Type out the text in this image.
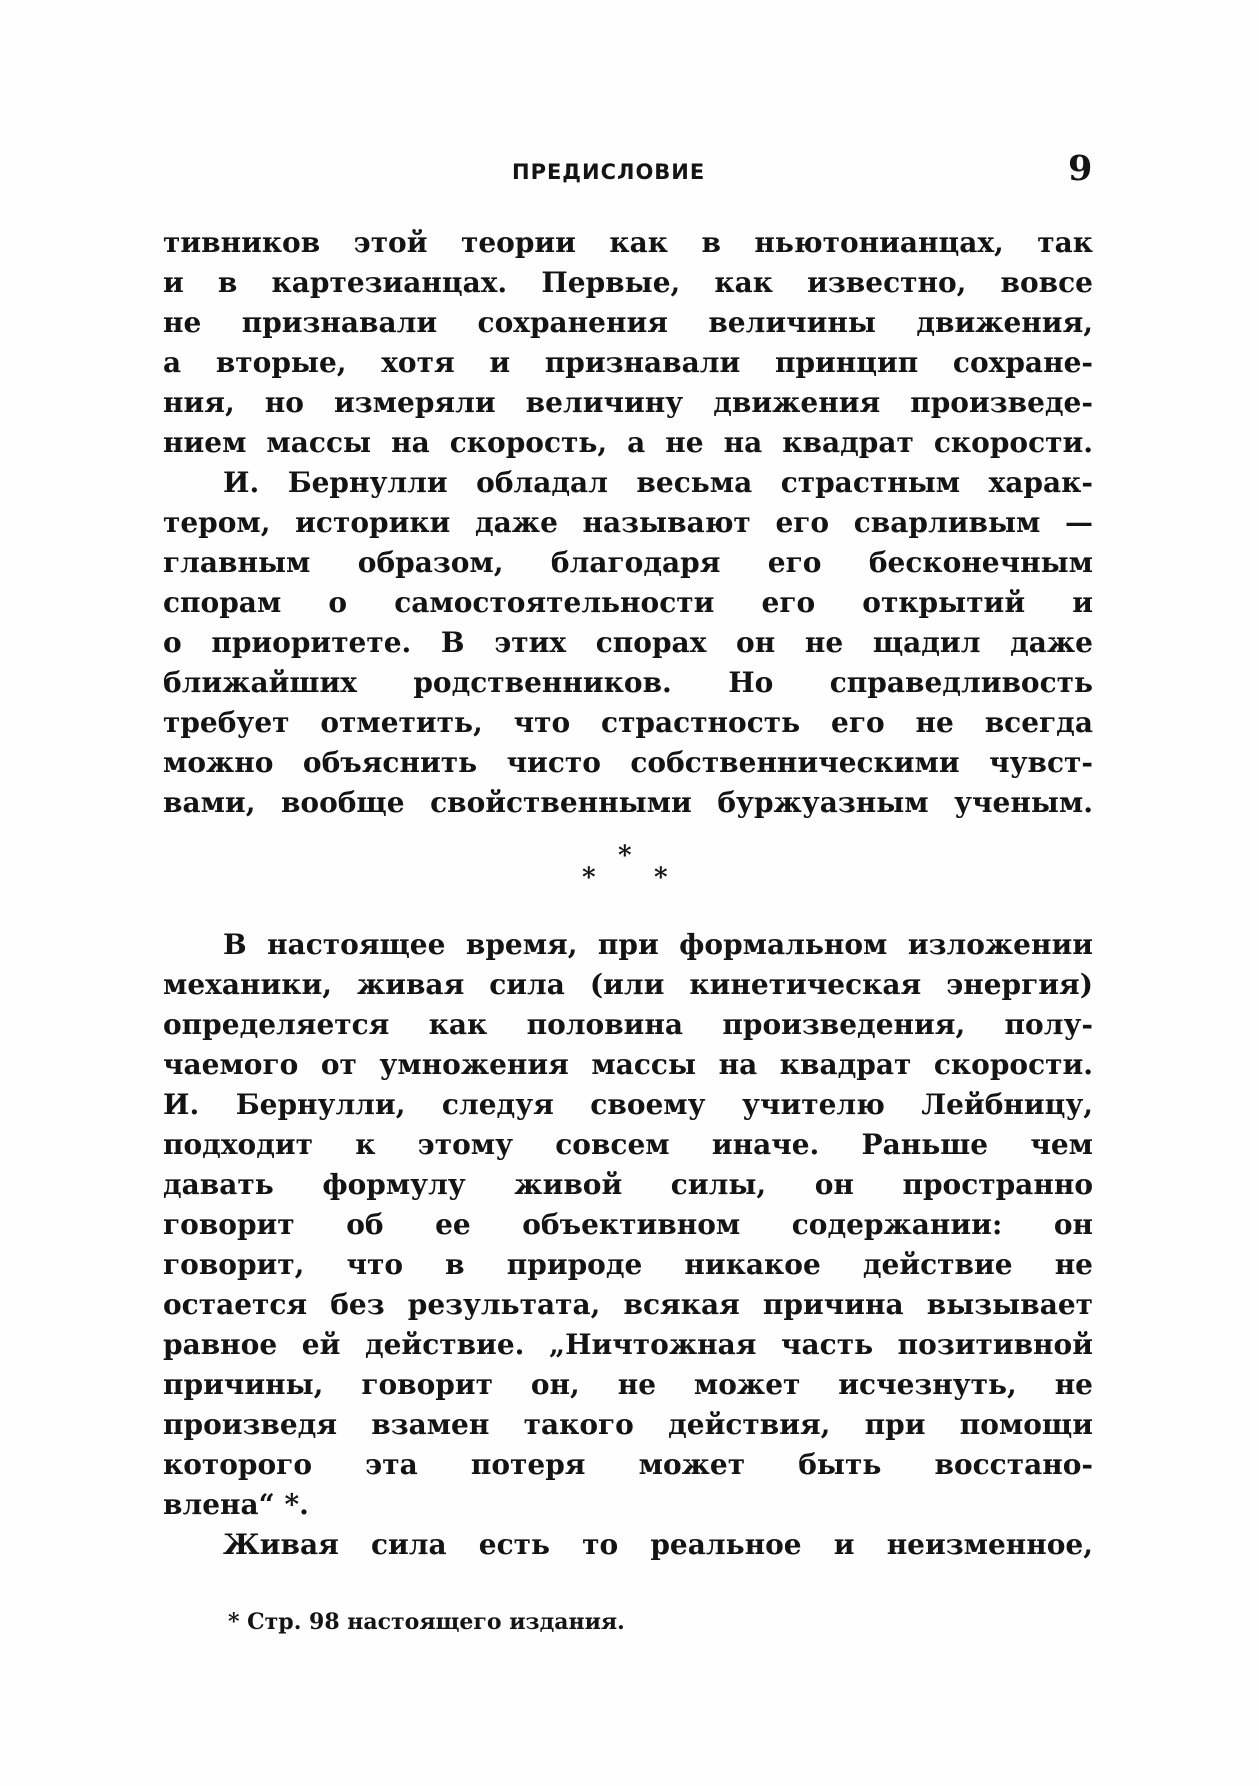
ПРЕДИСЛОВИЕ	9
тивников этой теории как в ньютонианцах, так
и в картезианцах. Первые, как известно, вовсе
не признавали сохранения величины движения,
а вторые, хотя и признавали принцип сохране-
ния, но измеряли величину движения произведе-
нием массы на скорость, а не на квадрат скорости.
И. Бернулли обладал весьма страстным харак-
тером, историки даже называют его сварливым —
главным образом, благодаря его бесконечным
спорам о самостоятельности его открытий и
о приоритете. В этих спорах он не щадил даже
ближайших родственников. Но справедливость
требует отметить, что страстность его не всегда
можно объяснить чисто собственническими чувст-
вами, вообще свойственными буржуазным ученым.
*
* *
В настоящее время, при формальном изложении
механики, живая сила (или кинетическая энергия)
определяется как половина произведения, полу-
чаемого от умножения массы на квадрат скорости.
И. Бернулли, следуя своему учителю Лейбницу,
подходит к этому совсем иначе. Раньше чем
давать формулу живой силы, он пространно
говорит об ее объективном содержании: он
говорит, что в природе никакое действие не
остается без результата, всякая причина вызывает
равное ей действие. „Ничтожная часть позитивной
причины, говорит он, не может исчезнуть, не
произведя взамен такого действия, при помощи
которого эта потеря может быть восстано-
влена“ *.
Живая сила есть то реальное и неизменное,
* Стр. 98 настоящего издания.
